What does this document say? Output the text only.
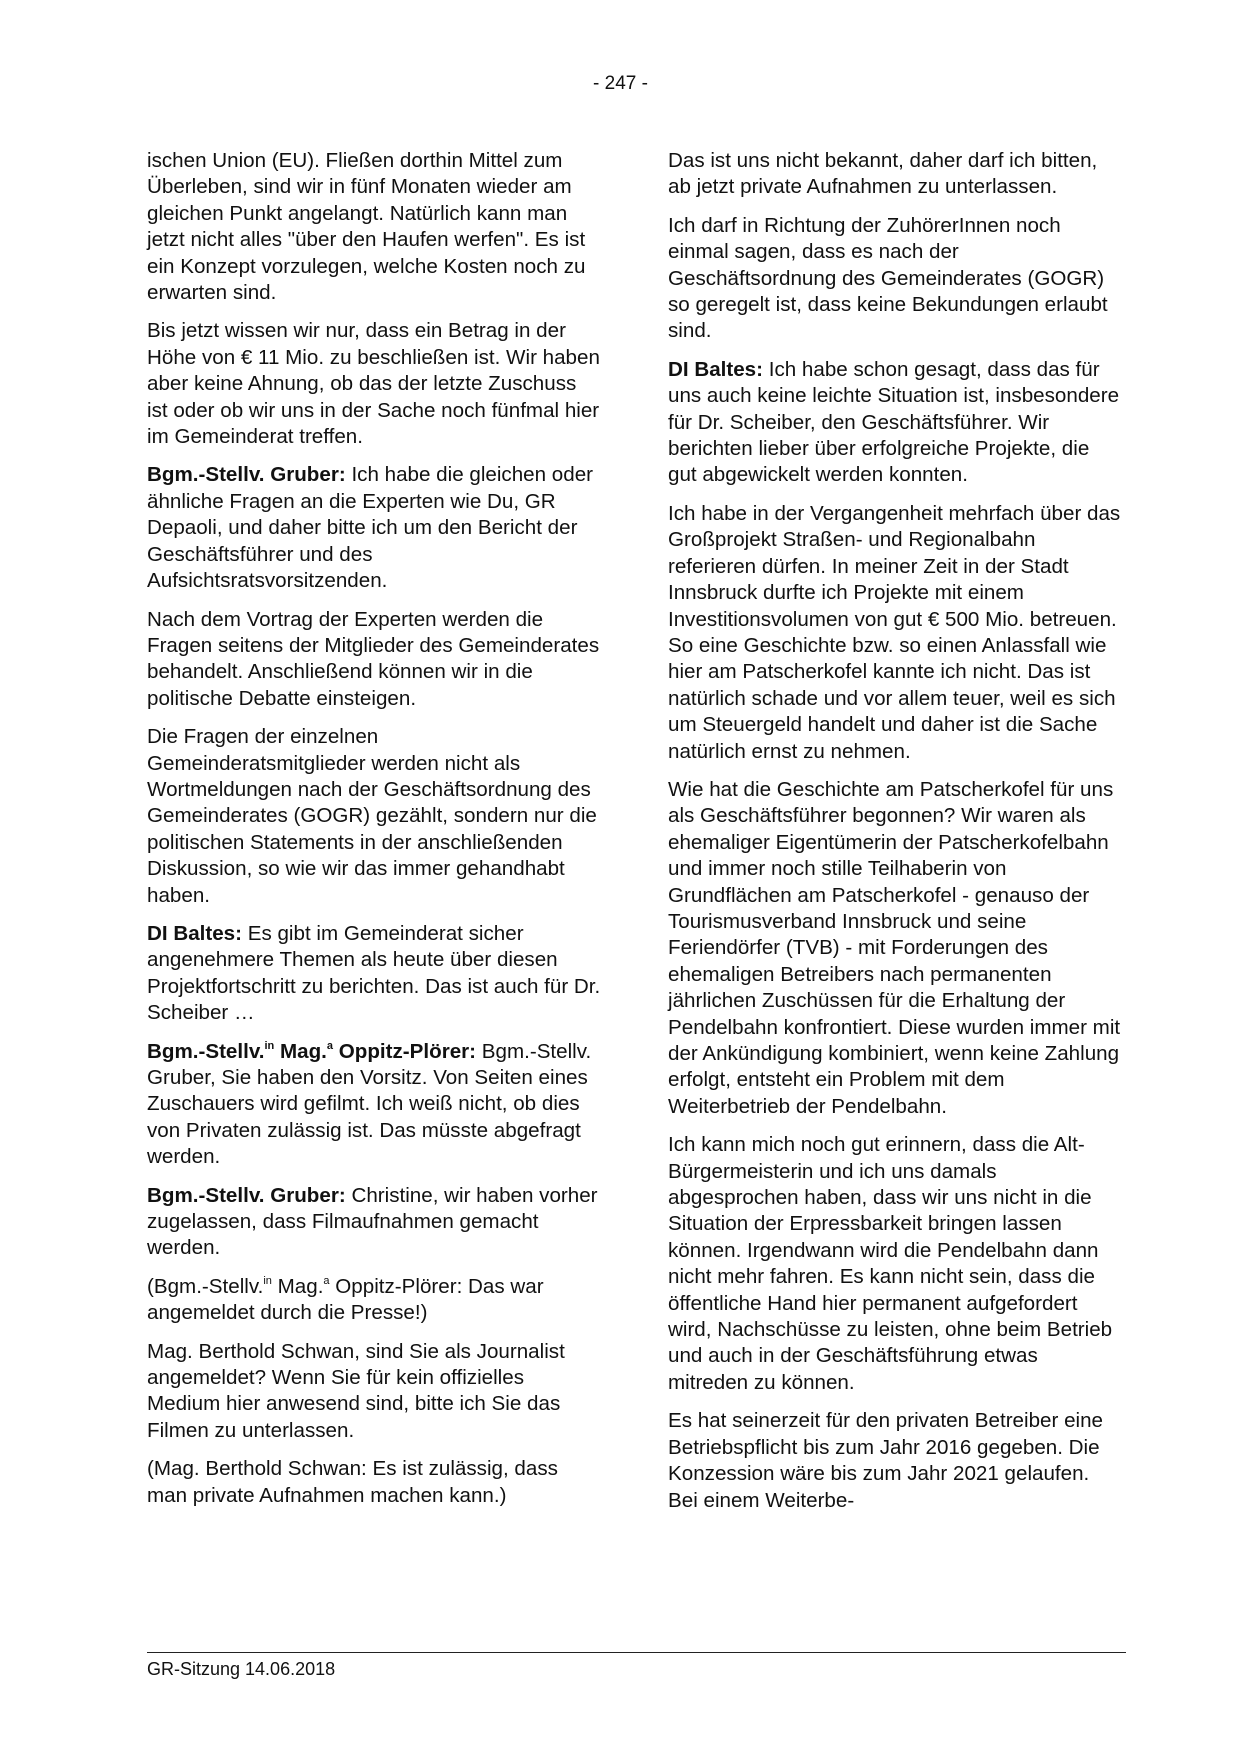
- 247 -

ischen Union (EU). Fließen dorthin Mittel zum Überleben, sind wir in fünf Monaten wieder am gleichen Punkt angelangt. Natürlich kann man jetzt nicht alles "über den Haufen werfen". Es ist ein Konzept vorzulegen, welche Kosten noch zu erwarten sind.

Bis jetzt wissen wir nur, dass ein Betrag in der Höhe von € 11 Mio. zu beschließen ist. Wir haben aber keine Ahnung, ob das der letzte Zuschuss ist oder ob wir uns in der Sache noch fünfmal hier im Gemeinderat treffen.

Bgm.-Stellv. Gruber: Ich habe die gleichen oder ähnliche Fragen an die Experten wie Du, GR Depaoli, und daher bitte ich um den Bericht der Geschäftsführer und des Aufsichtsratsvorsitzenden.

Nach dem Vortrag der Experten werden die Fragen seitens der Mitglieder des Gemeinderates behandelt. Anschließend können wir in die politische Debatte einsteigen.

Die Fragen der einzelnen Gemeinderatsmitglieder werden nicht als Wortmeldungen nach der Geschäftsordnung des Gemeinderates (GOGR) gezählt, sondern nur die politischen Statements in der anschließenden Diskussion, so wie wir das immer gehandhabt haben.

DI Baltes: Es gibt im Gemeinderat sicher angenehmere Themen als heute über diesen Projektfortschritt zu berichten. Das ist auch für Dr. Scheiber …

Bgm.-Stellv.$^{in}$ Mag.$^a$ Oppitz-Plörer: Bgm.-Stellv. Gruber, Sie haben den Vorsitz. Von Seiten eines Zuschauers wird gefilmt. Ich weiß nicht, ob dies von Privaten zulässig ist. Das müsste abgefragt werden.

Bgm.-Stellv. Gruber: Christine, wir haben vorher zugelassen, dass Filmaufnahmen gemacht werden.

(Bgm.-Stellv.$^{in}$ Mag.$^a$ Oppitz-Plörer: Das war angemeldet durch die Presse!)

Mag. Berthold Schwan, sind Sie als Journalist angemeldet? Wenn Sie für kein offizielles Medium hier anwesend sind, bitte ich Sie das Filmen zu unterlassen.

(Mag. Berthold Schwan: Es ist zulässig, dass man private Aufnahmen machen kann.)

Das ist uns nicht bekannt, daher darf ich bitten, ab jetzt private Aufnahmen zu unterlassen.

Ich darf in Richtung der ZuhörerInnen noch einmal sagen, dass es nach der Geschäftsordnung des Gemeinderates (GOGR) so geregelt ist, dass keine Bekundungen erlaubt sind.

DI Baltes: Ich habe schon gesagt, dass das für uns auch keine leichte Situation ist, insbesondere für Dr. Scheiber, den Geschäftsführer. Wir berichten lieber über erfolgreiche Projekte, die gut abgewickelt werden konnten.

Ich habe in der Vergangenheit mehrfach über das Großprojekt Straßen- und Regionalbahn referieren dürfen. In meiner Zeit in der Stadt Innsbruck durfte ich Projekte mit einem Investitionsvolumen von gut € 500 Mio. betreuen. So eine Geschichte bzw. so einen Anlassfall wie hier am Patscherkofel kannte ich nicht. Das ist natürlich schade und vor allem teuer, weil es sich um Steuergeld handelt und daher ist die Sache natürlich ernst zu nehmen.

Wie hat die Geschichte am Patscherkofel für uns als Geschäftsführer begonnen? Wir waren als ehemaliger Eigentümerin der Patscherkofelbahn und immer noch stille Teilhaberin von Grundflächen am Patscherkofel - genauso der Tourismusverband Innsbruck und seine Feriendörfer (TVB) - mit Forderungen des ehemaligen Betreibers nach permanenten jährlichen Zuschüssen für die Erhaltung der Pendelbahn konfrontiert. Diese wurden immer mit der Ankündigung kombiniert, wenn keine Zahlung erfolgt, entsteht ein Problem mit dem Weiterbetrieb der Pendelbahn.

Ich kann mich noch gut erinnern, dass die Alt-Bürgermeisterin und ich uns damals abgesprochen haben, dass wir uns nicht in die Situation der Erpressbarkeit bringen lassen können. Irgendwann wird die Pendelbahn dann nicht mehr fahren. Es kann nicht sein, dass die öffentliche Hand hier permanent aufgefordert wird, Nachschüsse zu leisten, ohne beim Betrieb und auch in der Geschäftsführung etwas mitreden zu können.

Es hat seinerzeit für den privaten Betreiber eine Betriebspflicht bis zum Jahr 2016 gegeben. Die Konzession wäre bis zum Jahr 2021 gelaufen. Bei einem Weiterbe-

GR-Sitzung 14.06.2018
